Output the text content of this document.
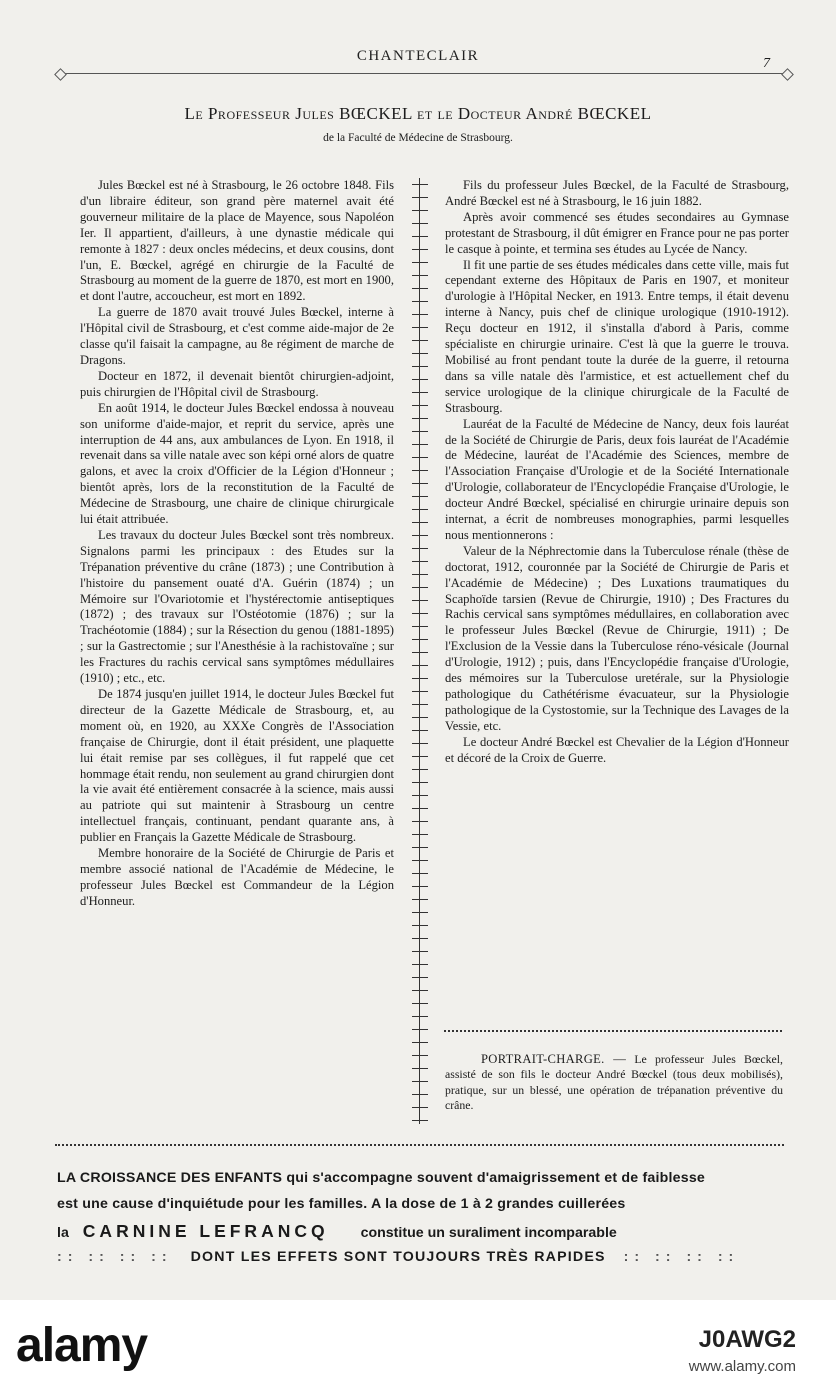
CHANTECLAIR	7
Le Professeur Jules BŒCKEL et le Docteur André BŒCKEL
de la Faculté de Médecine de Strasbourg.

Jules Bœckel est né à Strasbourg, le 26 octobre 1848. Fils d'un libraire éditeur, son grand père maternel avait été gouverneur militaire de la place de Mayence, sous Napoléon Ier. Il appartient, d'ailleurs, à une dynastie médicale qui remonte à 1827 : deux oncles médecins, et deux cousins, dont l'un, E. Bœckel, agrégé en chirurgie de la Faculté de Strasbourg au moment de la guerre de 1870, est mort en 1900, et dont l'autre, accoucheur, est mort en 1892.

La guerre de 1870 avait trouvé Jules Bœckel, interne à l'Hôpital civil de Strasbourg, et c'est comme aide-major de 2e classe qu'il faisait la campagne, au 8e régiment de marche de Dragons.

Docteur en 1872, il devenait bientôt chirurgien-adjoint, puis chirurgien de l'Hôpital civil de Strasbourg.

En août 1914, le docteur Jules Bœckel endossa à nouveau son uniforme d'aide-major, et reprit du service, après une interruption de 44 ans, aux ambulances de Lyon. En 1918, il revenait dans sa ville natale avec son képi orné alors de quatre galons, et avec la croix d'Officier de la Légion d'Honneur ; bientôt après, lors de la reconstitution de la Faculté de Médecine de Strasbourg, une chaire de clinique chirurgicale lui était attribuée.

Les travaux du docteur Jules Bœckel sont très nombreux. Signalons parmi les principaux : des Etudes sur la Trépanation préventive du crâne (1873) ; une Contribution à l'histoire du pansement ouaté d'A. Guérin (1874) ; un Mémoire sur l'Ovariotomie et l'hystérectomie antiseptiques (1872) ; des travaux sur l'Ostéotomie (1876) ; sur la Trachéotomie (1884) ; sur la Résection du genou (1881-1895) ; sur la Gastrectomie ; sur l'Anesthésie à la rachistovaïne ; sur les Fractures du rachis cervical sans symptômes médullaires (1910) ; etc., etc.

De 1874 jusqu'en juillet 1914, le docteur Jules Bœckel fut directeur de la Gazette Médicale de Strasbourg, et, au moment où, en 1920, au XXXe Congrès de l'Association française de Chirurgie, dont il était président, une plaquette lui était remise par ses collègues, il fut rappelé que cet hommage était rendu, non seulement au grand chirurgien dont la vie avait été entièrement consacrée à la science, mais aussi au patriote qui sut maintenir à Strasbourg un centre intellectuel français, continuant, pendant quarante ans, à publier en Français la Gazette Médicale de Strasbourg.

Membre honoraire de la Société de Chirurgie de Paris et membre associé national de l'Académie de Médecine, le professeur Jules Bœckel est Commandeur de la Légion d'Honneur.

Fils du professeur Jules Bœckel, de la Faculté de Strasbourg, André Bœckel est né à Strasbourg, le 16 juin 1882.

Après avoir commencé ses études secondaires au Gymnase protestant de Strasbourg, il dût émigrer en France pour ne pas porter le casque à pointe, et termina ses études au Lycée de Nancy.

Il fit une partie de ses études médicales dans cette ville, mais fut cependant externe des Hôpitaux de Paris en 1907, et moniteur d'urologie à l'Hôpital Necker, en 1913. Entre temps, il était devenu interne à Nancy, puis chef de clinique urologique (1910-1912). Reçu docteur en 1912, il s'installa d'abord à Paris, comme spécialiste en chirurgie urinaire. C'est là que la guerre le trouva. Mobilisé au front pendant toute la durée de la guerre, il retourna dans sa ville natale dès l'armistice, et est actuellement chef du service urologique de la clinique chirurgicale de la Faculté de Strasbourg.

Lauréat de la Faculté de Médecine de Nancy, deux fois lauréat de la Société de Chirurgie de Paris, deux fois lauréat de l'Académie de Médecine, lauréat de l'Académie des Sciences, membre de l'Association Française d'Urologie et de la Société Internationale d'Urologie, collaborateur de l'Encyclopédie Française d'Urologie, le docteur André Bœckel, spécialisé en chirurgie urinaire depuis son internat, a écrit de nombreuses monographies, parmi lesquelles nous mentionnerons :

Valeur de la Néphrectomie dans la Tuberculose rénale (thèse de doctorat, 1912, couronnée par la Société de Chirurgie de Paris et l'Académie de Médecine) ; Des Luxations traumatiques du Scaphoïde tarsien (Revue de Chirurgie, 1910) ; Des Fractures du Rachis cervical sans symptômes médullaires, en collaboration avec le professeur Jules Bœckel (Revue de Chirurgie, 1911) ; De l'Exclusion de la Vessie dans la Tuberculose réno-vésicale (Journal d'Urologie, 1912) ; puis, dans l'Encyclopédie française d'Urologie, des mémoires sur la Tuberculose uretérale, sur la Physiologie pathologique du Cathétérisme évacuateur, sur la Physiologie pathologique de la Cystostomie, sur la Technique des Lavages de la Vessie, etc.

Le docteur André Bœckel est Chevalier de la Légion d'Honneur et décoré de la Croix de Guerre.

PORTRAIT-CHARGE. — Le professeur Jules Bœckel, assisté de son fils le docteur André Bœckel (tous deux mobilisés), pratique, sur un blessé, une opération de trépanation préventive du crâne.

LA CROISSANCE DES ENFANTS qui s'accompagne souvent d'amaigrissement et de faiblesse
est une cause d'inquiétude pour les familles. A la dose de 1 à 2 grandes cuillerées
la CARNINE LEFRANCQ constitue un suraliment incomparable
:: :: :: :: DONT LES EFFETS SONT TOUJOURS TRÈS RAPIDES :: :: :: ::
alamy	J0AWG2
www.alamy.com
